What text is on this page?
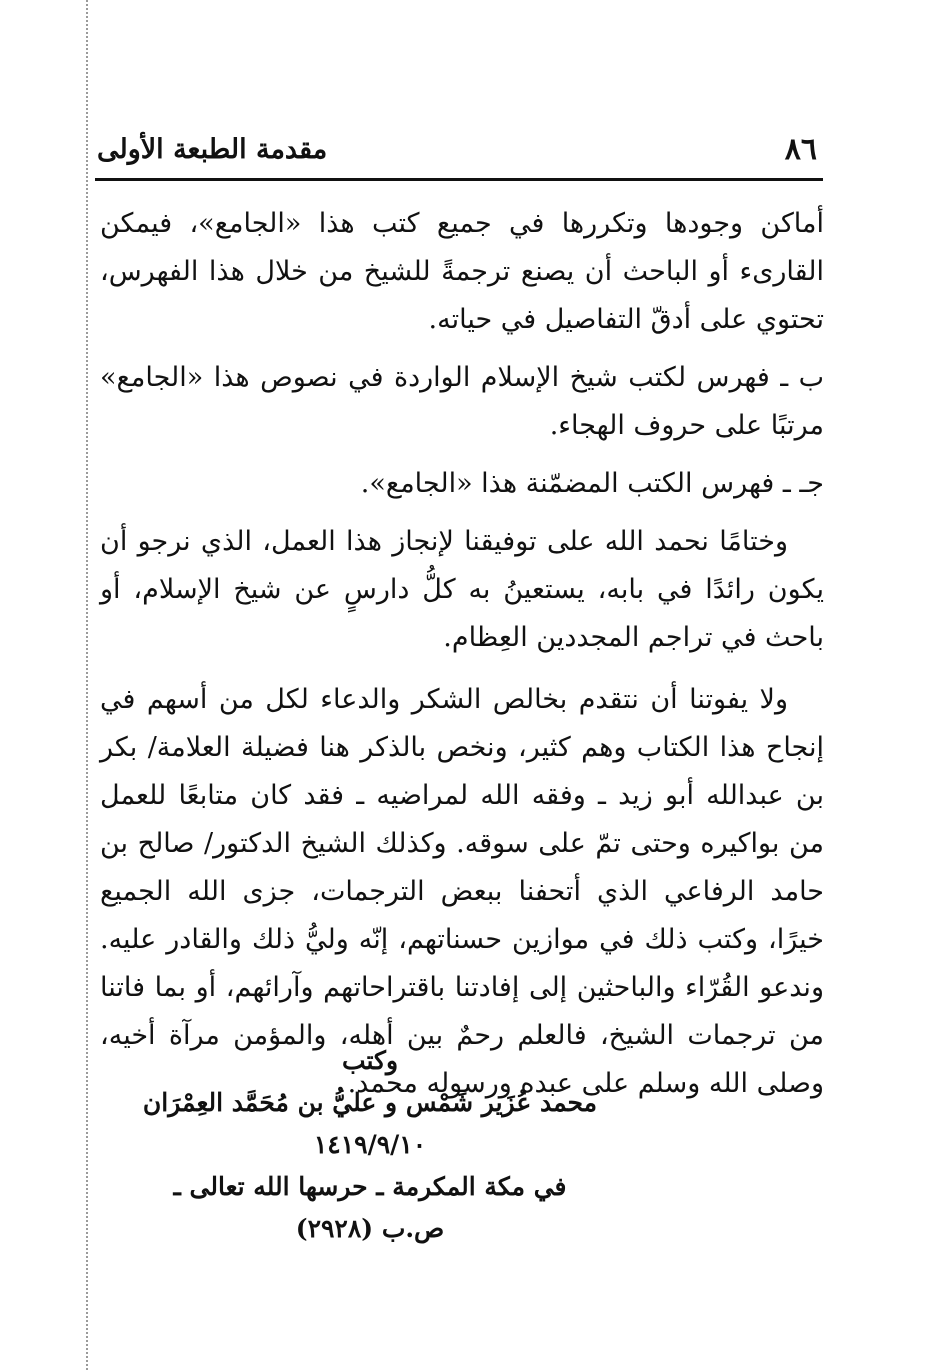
٨٦
مقدمة الطبعة الأولى

أماكن وجودها وتكررها في جميع كتب هذا «الجامع»، فيمكن القارىء أو الباحث أن يصنع ترجمةً للشيخ من خلال هذا الفهرس، تحتوي على أدقّ التفاصيل في حياته.

ب ـ فهرس لكتب شيخ الإسلام الواردة في نصوص هذا «الجامع» مرتبًا على حروف الهجاء.

جـ ـ فهرس الكتب المضمّنة هذا «الجامع».

وختامًا نحمد الله على توفيقنا لإنجاز هذا العمل، الذي نرجو أن يكون رائدًا في بابه، يستعينُ به كلُّ دارسٍ عن شيخ الإسلام، أو باحث في تراجم المجددين العِظام.

ولا يفوتنا أن نتقدم بخالص الشكر والدعاء لكل من أسهم في إنجاح هذا الكتاب وهم كثير، ونخص بالذكر هنا فضيلة العلامة/ بكر بن عبدالله أبو زيد ـ وفقه الله لمراضيه ـ فقد كان متابعًا للعمل من بواكيره وحتى تمّ على سوقه. وكذلك الشيخ الدكتور/ صالح بن حامد الرفاعي الذي أتحفنا ببعض الترجمات، جزى الله الجميع خيرًا، وكتب ذلك في موازين حسناتهم، إنّه وليُّ ذلك والقادر عليه. وندعو القُرّاء والباحثين إلى إفادتنا باقتراحاتهم وآرائهم، أو بما فاتنا من ترجمات الشيخ، فالعلم رحمٌ بين أهله، والمؤمن مرآة أخيه، وصلى الله وسلم على عبده ورسوله محمد.

وكتب
محمد عُزَير شَمْس و عليُّ بن مُحَمَّد العِمْرَان
١٤١٩/٩/١٠
في مكة المكرمة ـ حرسها الله تعالى ـ
ص.ب (٢٩٢٨)
